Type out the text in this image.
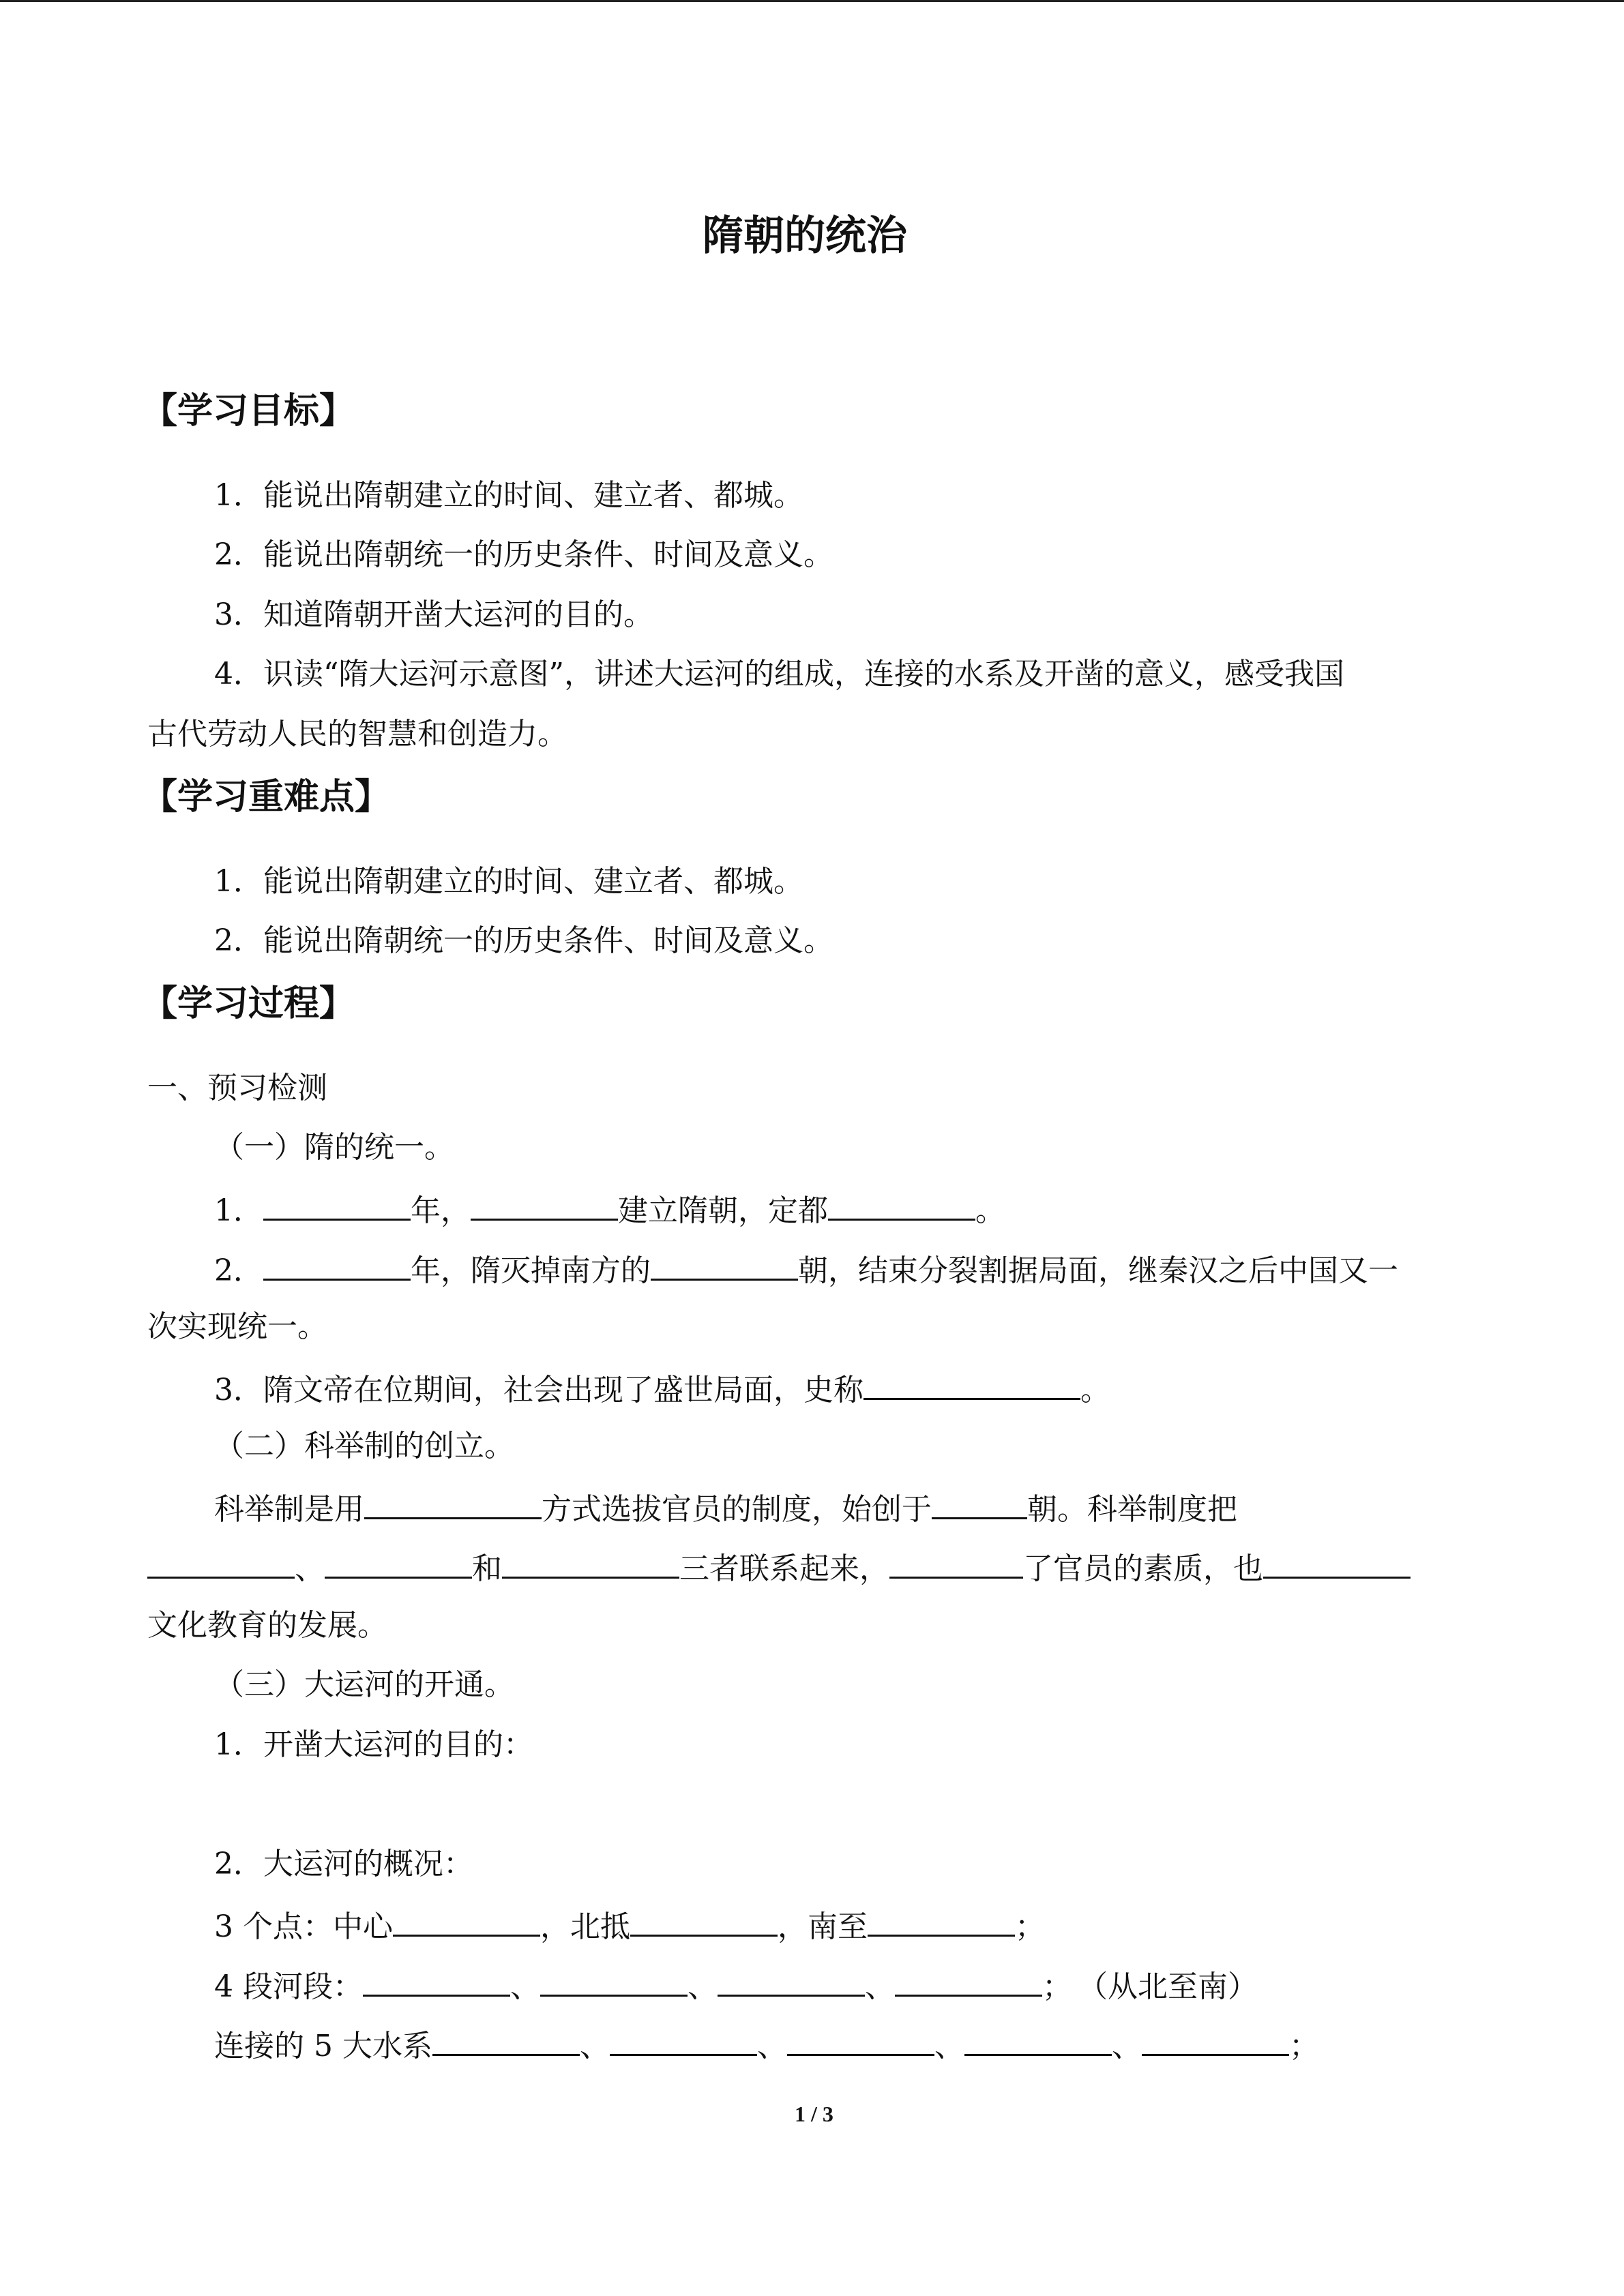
隋朝的统治
【学习目标】
1．能说出隋朝建立的时间、建立者、都城。
2．能说出隋朝统一的历史条件、时间及意义。
3．知道隋朝开凿大运河的目的。
4．识读“隋大运河示意图”，讲述大运河的组成，连接的水系及开凿的意义，感受我国
古代劳动人民的智慧和创造力。
【学习重难点】
1．能说出隋朝建立的时间、建立者、都城。
2．能说出隋朝统一的历史条件、时间及意义。
【学习过程】
一、预习检测
（一）隋的统一。
1．	年，	建立隋朝，定都	。
2．	年，隋灭掉南方的	朝，结束分裂割据局面，继秦汉之后中国又一
次实现统一。
3．隋文帝在位期间，社会出现了盛世局面，史称	。
（二）科举制的创立。
科举制是用	方式选拔官员的制度，始创于	朝。科举制度把
、	和	三者联系起来，	了官员的素质，也
文化教育的发展。
（三）大运河的开通。
1．开凿大运河的目的：
2．大运河的概况：
3 个点：中心	，北抵	，南至	；
4 段河段：	、	、	、	； （从北至南）
连接的 5 大水系	、	、	、	、	；
1 / 3
